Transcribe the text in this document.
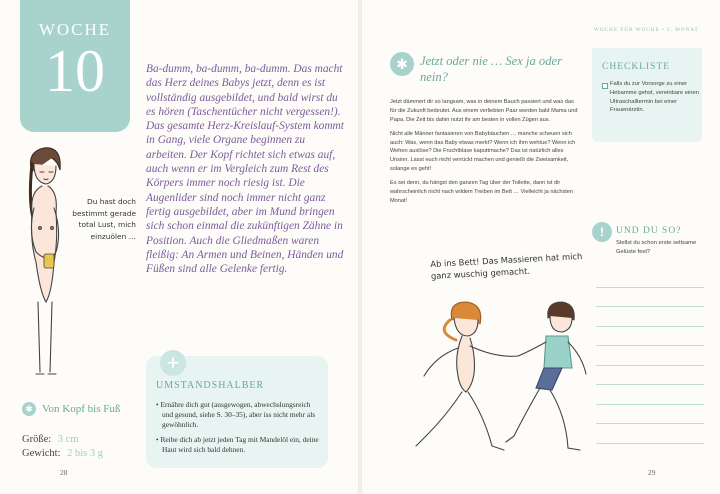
WOCHE
10	Ba-dumm, ba-dumm, ba-dumm. Das macht das Herz deines Babys jetzt, denn es ist vollständig ausgebildet, und bald wirst du es hören (Taschentücher nicht vergessen!). Das gesamte Herz-Kreislauf-System kommt in Gang, viele Organe beginnen zu arbeiten. Der Kopf richtet sich etwas auf, auch wenn er im Vergleich zum Rest des Körpers immer noch riesig ist. Die Augenlider sind noch immer nicht ganz fertig ausgebildet, aber im Mund bringen sich schon einmal die zukünftigen Zähne in Position. Auch die Gliedmaßen waren fleißig: An Armen und Beinen, Händen und Füßen sind alle Gelenke fertig.
Du hast doch bestimmt gerade total Lust, mich einzuölen …
✱ Von Kopf bis Fuß
Größe: 3 cm
Gewicht: 2 bis 3 g
+
UMSTANDSHALBER
• Ernähre dich gut (ausgewogen, abwechslungsreich und gesund, siehe S. 30–35), aber iss nicht mehr als gewöhnlich.
• Reibe dich ab jetzt jeden Tag mit Mandelöl ein, deine Haut wird sich bald dehnen.
28
WOCHE FÜR WOCHE • 2. MONAT
✱ Jetzt oder nie … Sex ja oder nein?

Jetzt dämmert dir so langsam, was in deinem Bauch passiert und was das für die Zukunft bedeutet. Aus einem verliebten Paar werden bald Mama und Papa. Die Zeit bis dahin nutzt ihr am besten in vollen Zügen aus.

Nicht alle Männer fantasieren von Babybäuchen … manche scheuen sich auch: Was, wenn das Baby etwas merkt? Wenn ich ihm wehtue? Wenn ich Wehen auslöse? Die Fruchtblase kaputtmache? Das ist natürlich alles Unsinn. Lasst euch nicht verrückt machen und genießt die Zweisamkeit, solange es geht!

Es sei denn, du hängst den ganzen Tag über der Toilette, dann ist dir wahrscheinlich nicht nach wildem Treiben im Bett … Vielleicht ja nächsten Monat!

CHECKLISTE
Falls du zur Vorsorge zu einer Hebamme gehst, vereinbare einen Ultraschalltermin bei einer Frauenärztin.
!	UND DU SO?
Stellst du schon erste seltsame Gelüste fest?
Ab ins Bett! Das Massieren hat mich ganz wuschig gemacht.
29
